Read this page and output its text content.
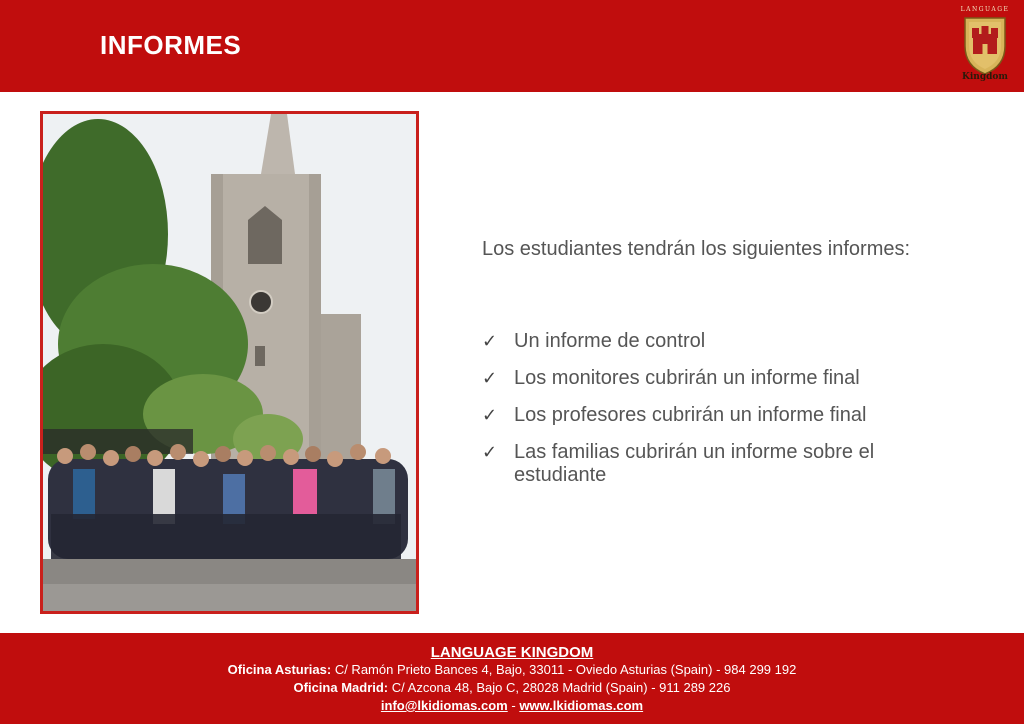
INFORMES
LANGUAGE
Kingdom
Los estudiantes tendrán los siguientes informes:
✓ Un informe de control
✓ Los monitores cubrirán un informe final
✓ Los profesores cubrirán un informe final
✓ Las familias cubrirán un informe sobre el estudiante
LANGUAGE KINGDOM
Oficina Asturias: C/ Ramón Prieto Bances 4, Bajo, 33011 - Oviedo Asturias (Spain) - 984 299 192
Oficina Madrid: C/ Azcona 48, Bajo C, 28028 Madrid (Spain) - 911 289 226
info@lkidiomas.com - www.lkidiomas.com
